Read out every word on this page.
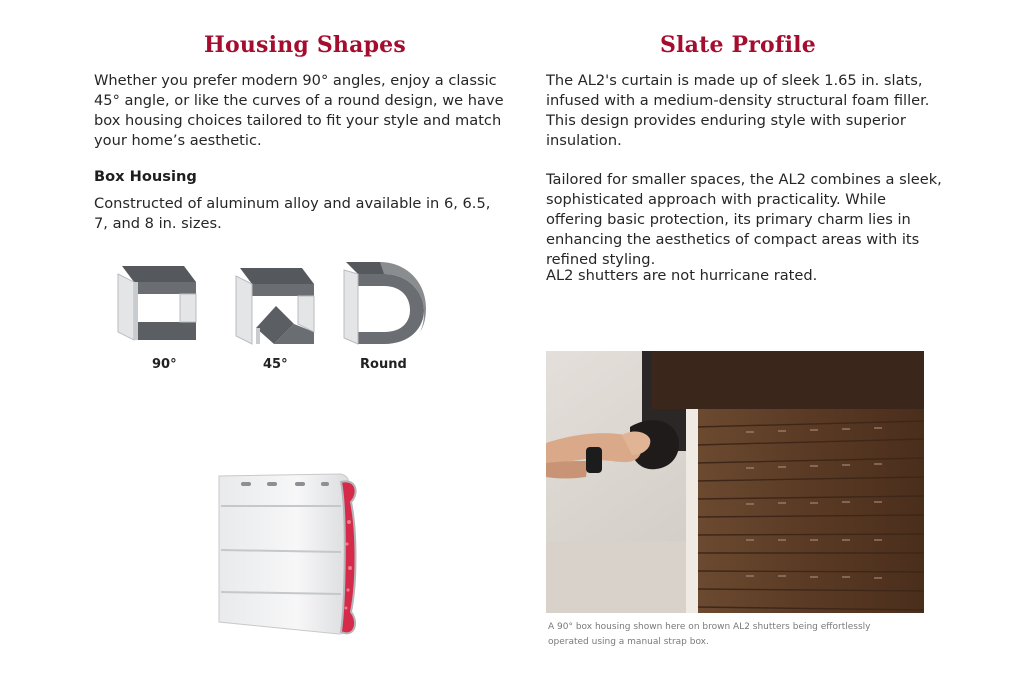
Housing Shapes

Whether you prefer modern 90° angles, enjoy a classic 45° angle, or like the curves of a round design, we have box housing choices tailored to fit your style and match your home’s aesthetic.

Box Housing

Constructed of aluminum alloy and available in 6, 6.5, 7, and 8 in. sizes.

90°	45°	Round
Slate Profile

The AL2's curtain is made up of sleek 1.65 in. slats, infused with a medium-density structural foam filler. This design provides enduring style with superior insulation.

Tailored for smaller spaces, the AL2 combines a sleek, sophisticated approach with practicality. While offering basic protection, its primary charm lies in enhancing the aesthetics of compact areas with its refined styling.

AL2 shutters are not hurricane rated.

A 90° box housing shown here on brown AL2 shutters being effortlessly operated using a manual strap box.
